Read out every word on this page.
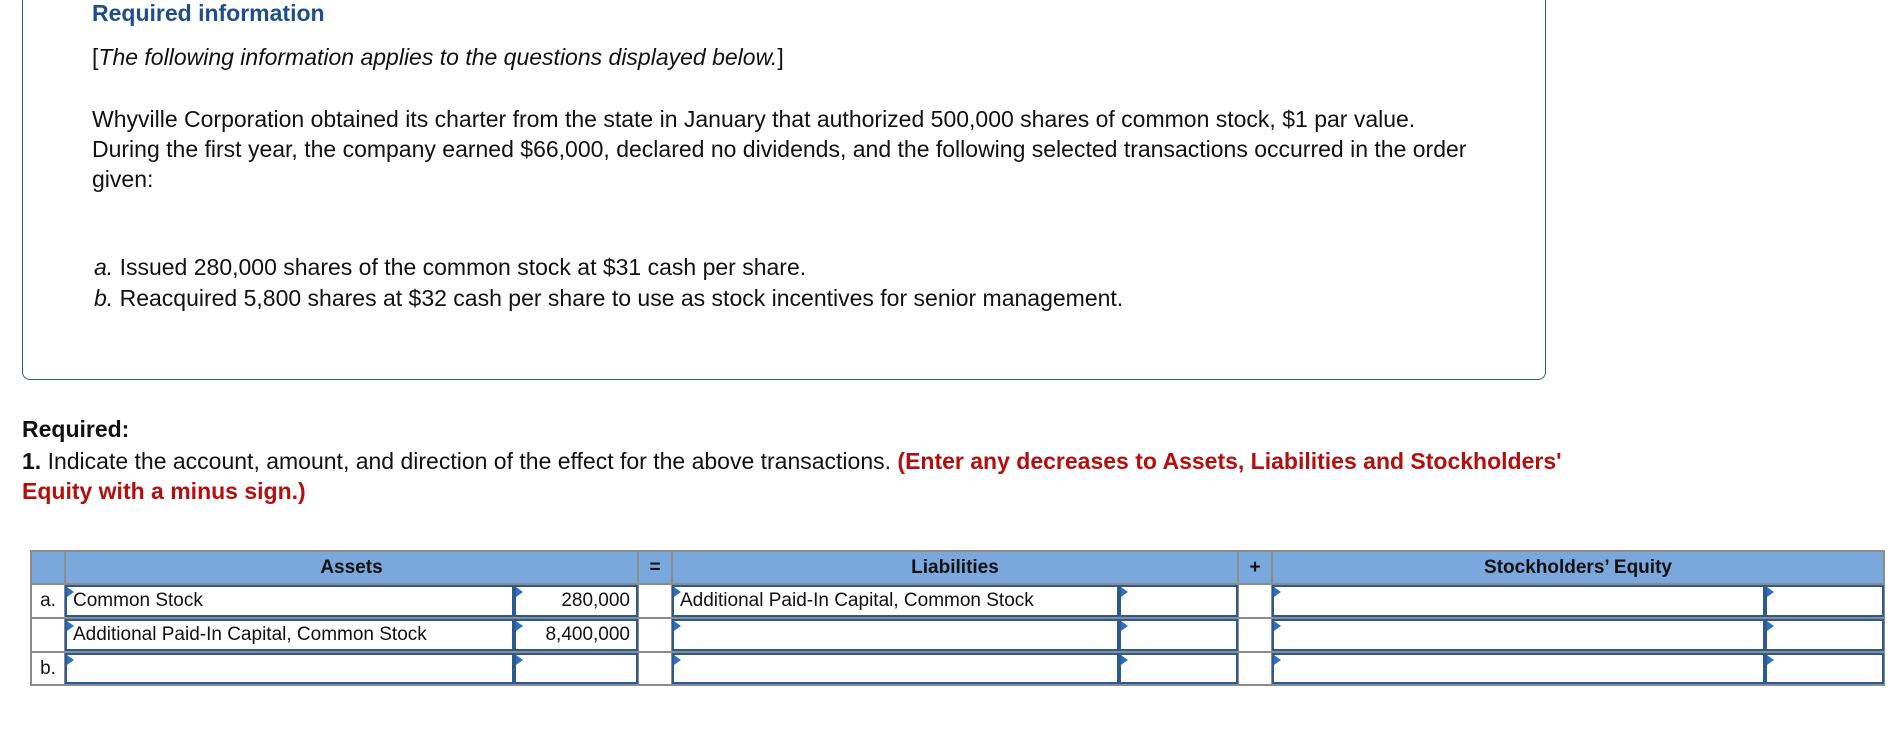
Required information
[The following information applies to the questions displayed below.]
Whyville Corporation obtained its charter from the state in January that authorized 500,000 shares of common stock, $1 par value. During the first year, the company earned $66,000, declared no dividends, and the following selected transactions occurred in the order given:
a. Issued 280,000 shares of the common stock at $31 cash per share.
b. Reacquired 5,800 shares at $32 cash per share to use as stock incentives for senior management.
Required:
1. Indicate the account, amount, and direction of the effect for the above transactions. (Enter any decreases to Assets, Liabilities and Stockholders' Equity with a minus sign.)
	Assets		=	Liabilities		+	Stockholders’ Equity	

a.	Common Stock	280,000		Additional Paid-In Capital, Common Stock				

Additional Paid-In Capital, Common Stock	8,400,000						

b.								
